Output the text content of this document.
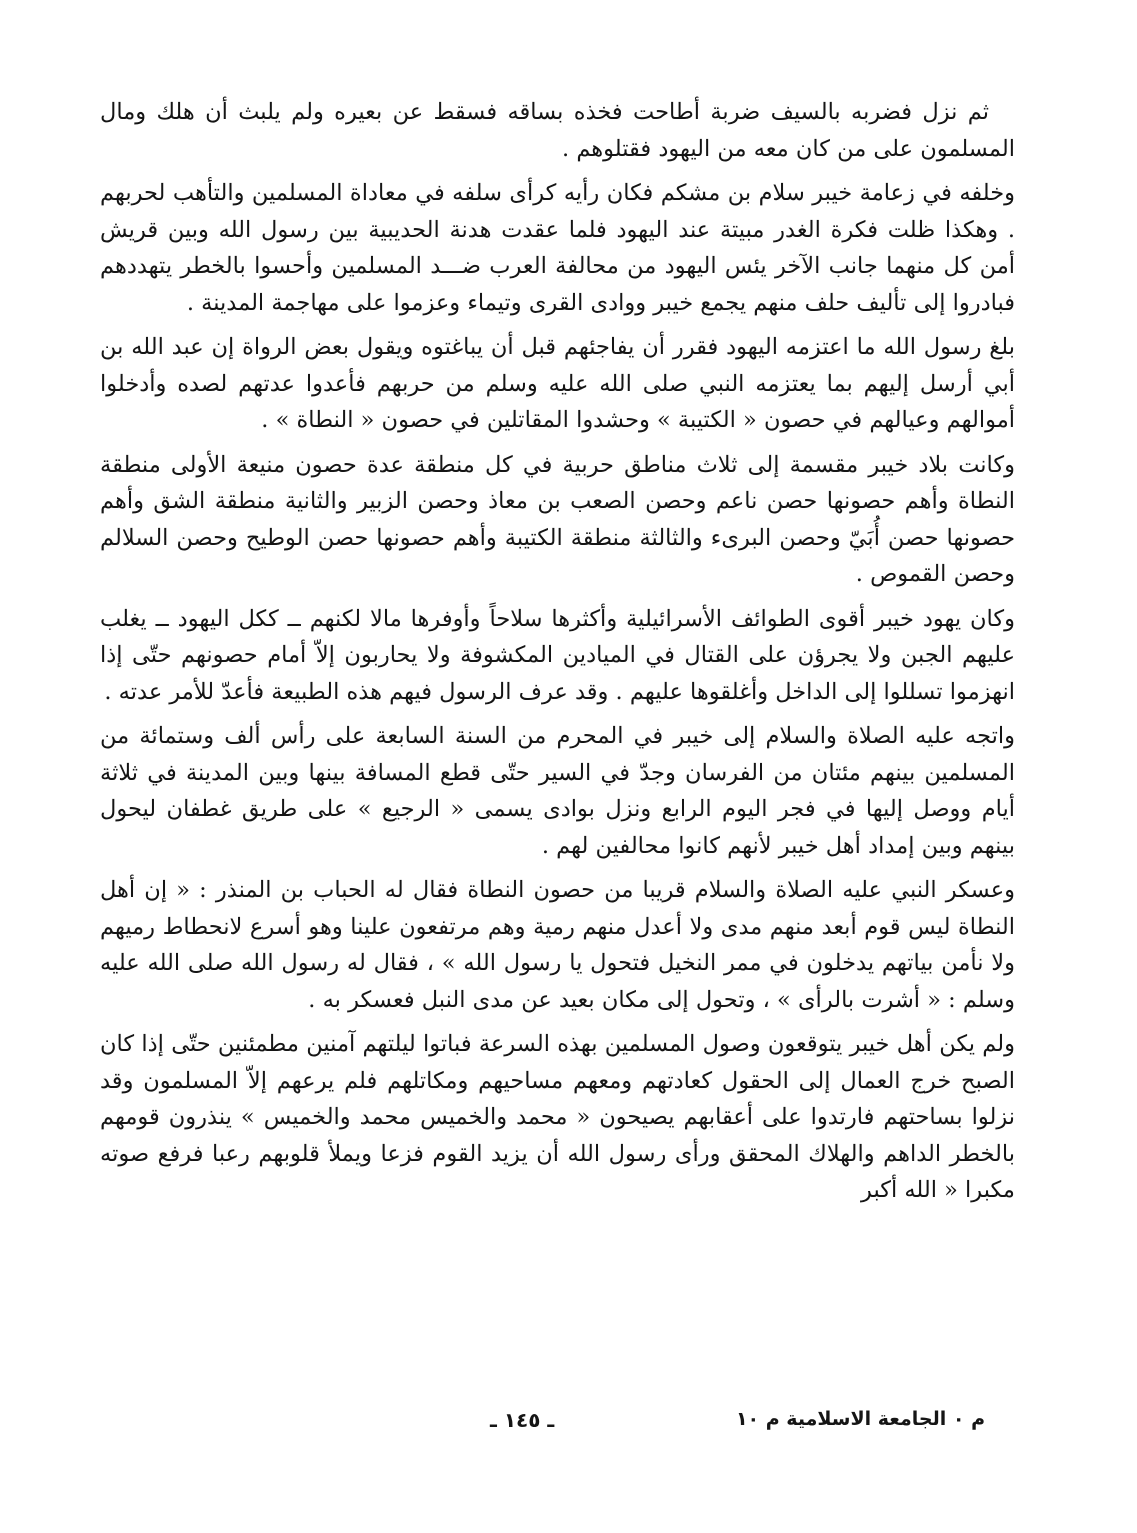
ثم نزل فضربه بالسيف ضربة أطاحت فخذه بساقه فسقط عن بعيره ولم يلبث أن هلك ومال المسلمون على من كان معه من اليهود فقتلوهم .

وخلفه في زعامة خيبر سلام بن مشكم فكان رأيه كرأى سلفه في معاداة المسلمين والتأهب لحربهم . وهكذا ظلت فكرة الغدر مبيتة عند اليهود فلما عقدت هدنة الحديبية بين رسول الله وبين قريش أمن كل منهما جانب الآخر يئس اليهود من محالفة العرب ضـــد المسلمين وأحسوا بالخطر يتهددهم فبادروا إلى تأليف حلف منهم يجمع خيبر ووادى القرى وتيماء وعزموا على مهاجمة المدينة .

بلغ رسول الله ما اعتزمه اليهود فقرر أن يفاجئهم قبل أن يباغتوه ويقول بعض الرواة إن عبد الله بن أبي أرسل إليهم بما يعتزمه النبي صلى الله عليه وسلم من حربهم فأعدوا عدتهم لصده وأدخلوا أموالهم وعيالهم في حصون « الكتيبة » وحشدوا المقاتلين في حصون « النطاة » .

وكانت بلاد خيبر مقسمة إلى ثلاث مناطق حربية في كل منطقة عدة حصون منيعة الأولى منطقة النطاة وأهم حصونها حصن ناعم وحصن الصعب بن معاذ وحصن الزبير والثانية منطقة الشق وأهم حصونها حصن أُبَيّ وحصن البرىء والثالثة منطقة الكتيبة وأهم حصونها حصن الوطيح وحصن السلالم وحصن القموص .

وكان يهود خيبر أقوى الطوائف الأسرائيلية وأكثرها سلاحاً وأوفرها مالا لكنهم ــ ككل اليهود ــ يغلب عليهم الجبن ولا يجرؤن على القتال في الميادين المكشوفة ولا يحاربون إلاّ أمام حصونهم حتّى إذا انهزموا تسللوا إلى الداخل وأغلقوها عليهم . وقد عرف الرسول فيهم هذه الطبيعة فأعدّ للأمر عدته .

واتجه عليه الصلاة والسلام إلى خيبر في المحرم من السنة السابعة على رأس ألف وستمائة من المسلمين بينهم مئتان من الفرسان وجدّ في السير حتّى قطع المسافة بينها وبين المدينة في ثلاثة أيام ووصل إليها في فجر اليوم الرابع ونزل بوادى يسمى « الرجيع » على طريق غطفان ليحول بينهم وبين إمداد أهل خيبر لأنهم كانوا محالفين لهم .

وعسكر النبي عليه الصلاة والسلام قريبا من حصون النطاة فقال له الحباب بن المنذر : « إن أهل النطاة ليس قوم أبعد منهم مدى ولا أعدل منهم رمية وهم مرتفعون علينا وهو أسرع لانحطاط رميهم ولا نأمن بياتهم يدخلون في ممر النخيل فتحول يا رسول الله » ، فقال له رسول الله صلى الله عليه وسلم : « أشرت بالرأى » ، وتحول إلى مكان بعيد عن مدى النبل فعسكر به .

ولم يكن أهل خيبر يتوقعون وصول المسلمين بهذه السرعة فباتوا ليلتهم آمنين مطمئنين حتّى إذا كان الصبح خرج العمال إلى الحقول كعادتهم ومعهم مساحيهم ومكاتلهم فلم يرعهم إلاّ المسلمون وقد نزلوا بساحتهم فارتدوا على أعقابهم يصيحون « محمد والخميس محمد والخميس » ينذرون قومهم بالخطر الداهم والهلاك المحقق ورأى رسول الله أن يزيد القوم فزعا ويملأ قلوبهم رعبا فرفع صوته مكبرا « الله أكبر

م ٠ الجامعة الاسلامية م ١٠
ـ ١٤٥ ـ
